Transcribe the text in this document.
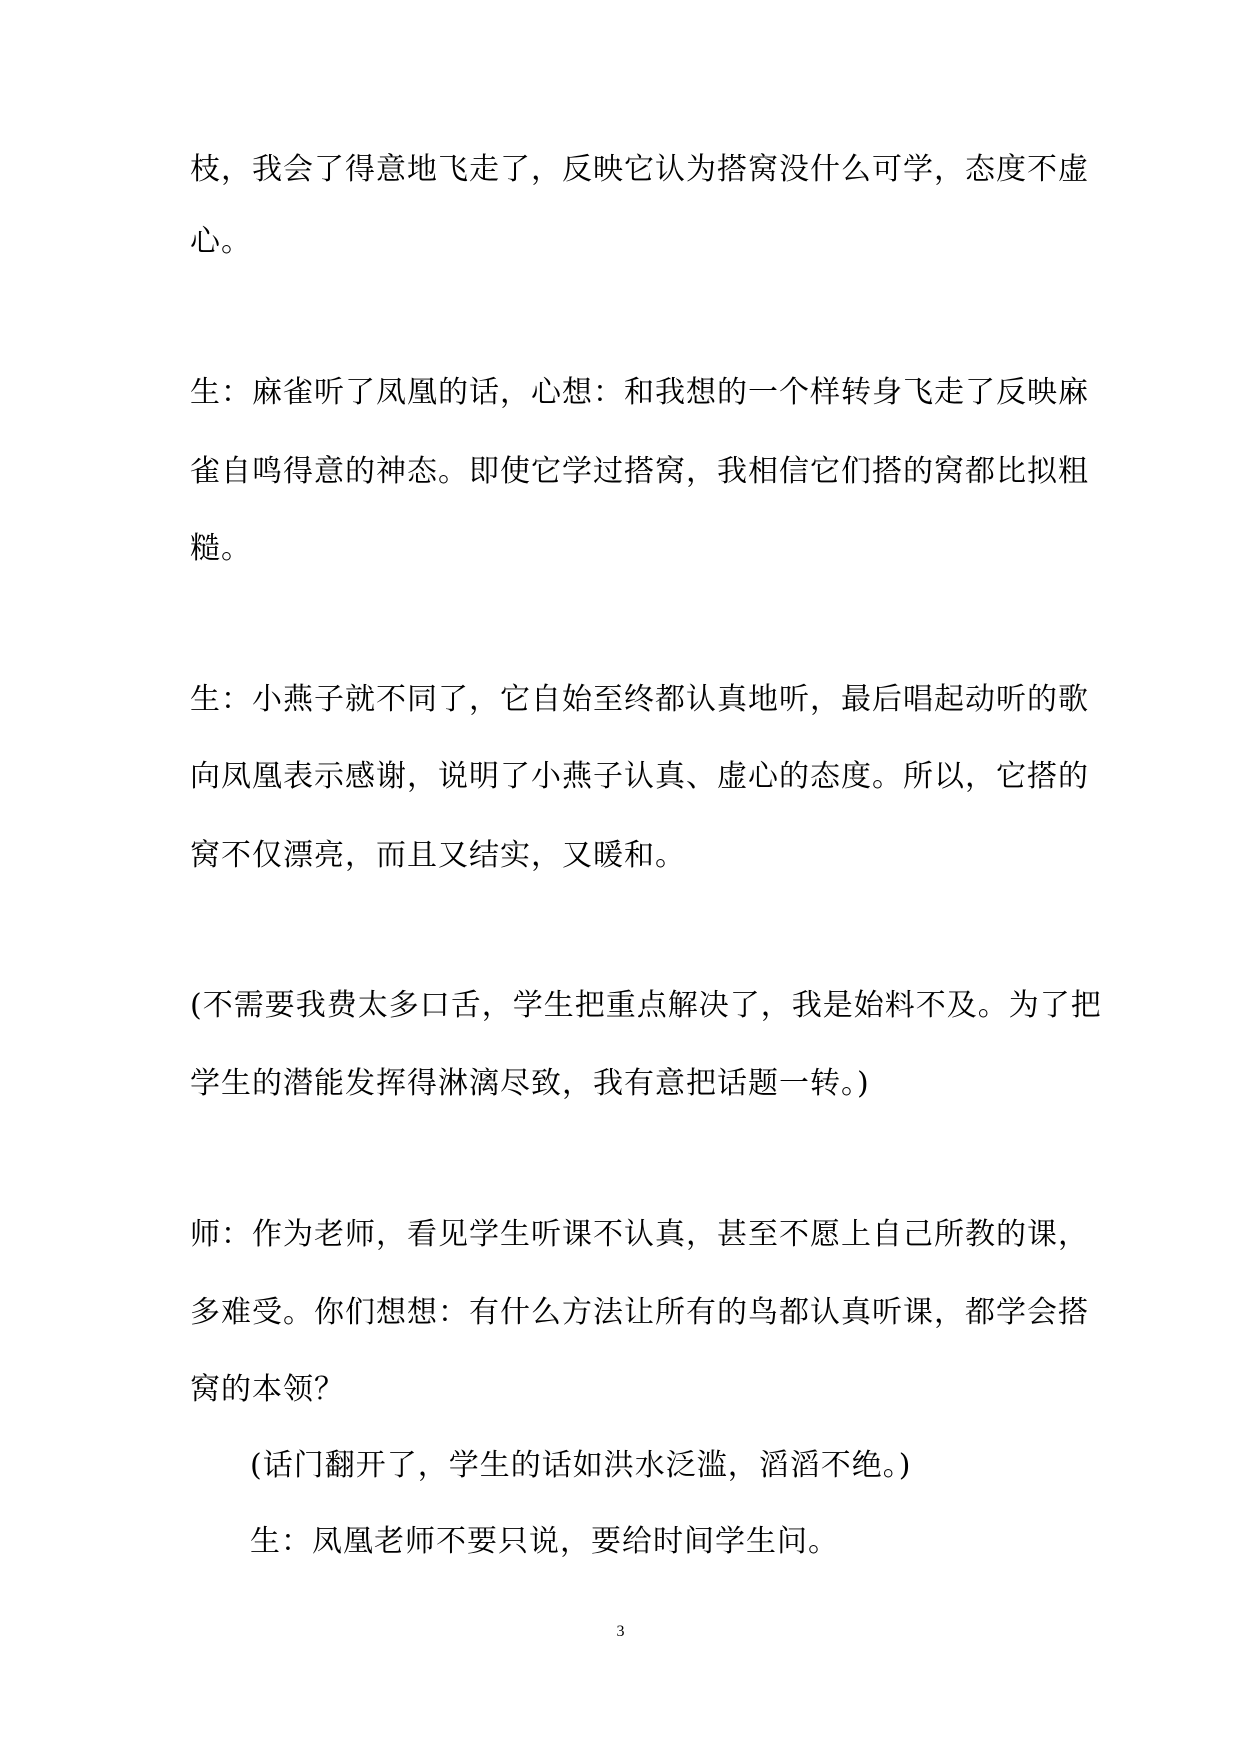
枝，我会了得意地飞走了，反映它认为搭窝没什么可学，态度不虚
心。
生：麻雀听了凤凰的话，心想：和我想的一个样转身飞走了反映麻
雀自鸣得意的神态。即使它学过搭窝，我相信它们搭的窝都比拟粗
糙。
生：小燕子就不同了，它自始至终都认真地听，最后唱起动听的歌
向凤凰表示感谢，说明了小燕子认真、虚心的态度。所以，它搭的
窝不仅漂亮，而且又结实，又暖和。
(不需要我费太多口舌，学生把重点解决了，我是始料不及。为了把
学生的潜能发挥得淋漓尽致，我有意把话题一转。)
师：作为老师，看见学生听课不认真，甚至不愿上自己所教的课，
多难受。你们想想：有什么方法让所有的鸟都认真听课，都学会搭
窝的本领？
(话门翻开了，学生的话如洪水泛滥，滔滔不绝。)
生：凤凰老师不要只说，要给时间学生问。
3
